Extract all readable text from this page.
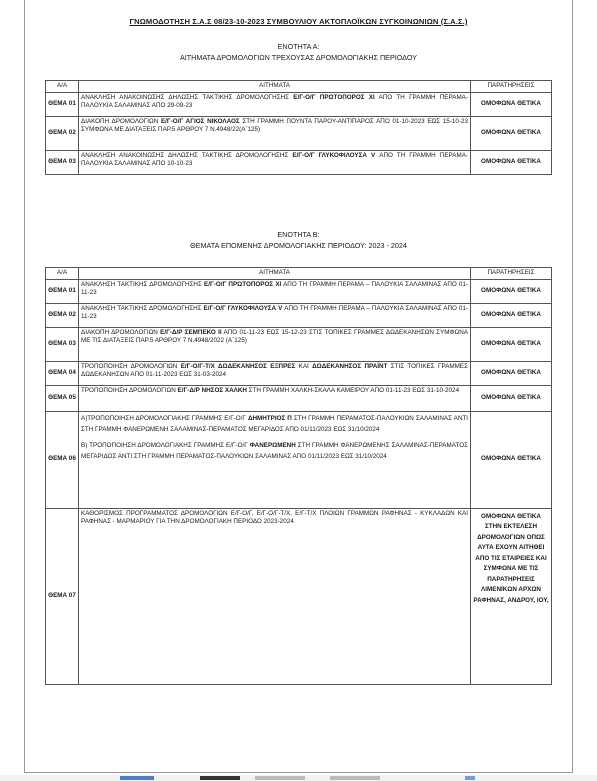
ΓΝΩΜΟΔΟΤΗΣΗ Σ.Α.Σ 08/23-10-2023 ΣΥΜΒΟΥΛΙΟΥ ΑΚΤΟΠΛΟΪΚΩΝ ΣΥΓΚΟΙΝΩΝΙΩΝ (Σ.Α.Σ.)
ΕΝΟΤΗΤΑ Α:
ΑΙΤΗΜΑΤΑ ΔΡΟΜΟΛΟΓΙΩΝ ΤΡΕΧΟΥΣΑΣ ΔΡΟΜΟΛΟΓΙΑΚΗΣ ΠΕΡΙΟΔΟΥ
Α/Α	ΑΙΤΗΜΑΤΑ	ΠΑΡΑΤΗΡΗΣΕΙΣ
ΘΕΜΑ 01	ΑΝΑΚΛΗΣΗ ΑΝΑΚΟΙΝΩΣΗΣ ΔΗΛΩΣΗΣ ΤΑΚΤΙΚΗΣ ΔΡΟΜΟΛΟΓΗΣΗΣ Ε/Γ-Ο/Γ ΠΡΩΤΟΠΟΡΟΣ ΧΙ ΑΠΟ ΤΗ ΓΡΑΜΜΗ ΠΕΡΑΜΑ-ΠΑΛΟΥΚΙΑ ΣΑΛΑΜΙΝΑΣ ΑΠΟ 29-09-23	ΟΜΟΦΩΝΑ ΘΕΤΙΚΑ
ΘΕΜΑ 02	ΔΙΑΚΟΠΗ ΔΡΟΜΟΛΟΓΙΩΝ Ε/Γ-Ο/Γ ΑΓΙΟΣ ΝΙΚΟΛΑΟΣ ΣΤΗ ΓΡΑΜΜΗ ΠΟΥΝΤΑ ΠΑΡΟΥ-ΑΝΤΙΠΑΡΟΣ ΑΠΟ 01-10-2023 ΕΩΣ 15-10-23 ΣΥΜΦΩΝΑ ΜΕ ΔΙΑΤΑΞΕΙΣ ΠΑΡ.5 ΑΡΘΡΟΥ 7 Ν.4948/22(Α΄125)	ΟΜΟΦΩΝΑ ΘΕΤΙΚΑ
ΘΕΜΑ 03	ΑΝΑΚΛΗΣΗ ΑΝΑΚΟΙΝΩΣΗΣ ΔΗΛΩΣΗΣ ΤΑΚΤΙΚΗΣ ΔΡΟΜΟΛΟΓΗΣΗΣ Ε/Γ-Ο/Γ ΓΛΥΚΟΦΙΛΟΥΣΑ V ΑΠΟ ΤΗ ΓΡΑΜΜΗ ΠΕΡΑΜΑ-ΠΑΛΟΥΚΙΑ ΣΑΛΑΜΙΝΑΣ ΑΠΟ 10-10-23	ΟΜΟΦΩΝΑ ΘΕΤΙΚΑ
ΕΝΟΤΗΤΑ Β:
ΘΕΜΑΤΑ ΕΠΟΜΕΝΗΣ ΔΡΟΜΟΛΟΓΙΑΚΗΣ ΠΕΡΙΟΔΟΥ: 2023 - 2024
Α/Α	ΑΙΤΗΜΑΤΑ	ΠΑΡΑΤΗΡΗΣΕΙΣ
ΘΕΜΑ 01	ΑΝΑΚΛΗΣΗ ΤΑΚΤΙΚΗΣ ΔΡΟΜΟΛΟΓΗΣΗΣ Ε/Γ-Ο/Γ ΠΡΩΤΟΠΟΡΟΣ ΧΙ ΑΠΟ ΤΗ ΓΡΑΜΜΗ ΠΕΡΑΜΑ – ΠΑΛΟΥΚΙΑ ΣΑΛΑΜΙΝΑΣ ΑΠΟ 01-11-23	ΟΜΟΦΩΝΑ ΘΕΤΙΚΑ
ΘΕΜΑ 02	ΑΝΑΚΛΗΣΗ ΤΑΚΤΙΚΗΣ ΔΡΟΜΟΛΟΓΗΣΗΣ Ε/Γ-Ο/Γ ΓΛΥΚΟΦΙΛΟΥΣΑ V ΑΠΟ ΤΗ ΓΡΑΜΜΗ ΠΕΡΑΜΑ – ΠΑΛΟΥΚΙΑ ΣΑΛΑΜΙΝΑΣ ΑΠΟ 01-11-23	ΟΜΟΦΩΝΑ ΘΕΤΙΚΑ
ΘΕΜΑ 03	ΔΙΑΚΟΠΗ ΔΡΟΜΟΛΟΓΙΩΝ Ε/Γ-Δ/Ρ ΣΕΜΠΕΚΟ ΙΙ ΑΠΟ 01-11-23 ΕΩΣ 15-12-23 ΣΤΙΣ ΤΟΠΙΚΕΣ ΓΡΑΜΜΕΣ ΔΩΔΕΚΑΝΗΣΩΝ ΣΥΜΦΩΝΑ ΜΕ ΤΙΣ ΔΙΑΤΑΞΕΙΣ ΠΑΡ.5 ΑΡΘΡΟΥ 7 Ν.4948/2022 (Α΄125)	ΟΜΟΦΩΝΑ ΘΕΤΙΚΑ
ΘΕΜΑ 04	ΤΡΟΠΟΠΟΙΗΣΗ ΔΡΟΜΟΛΟΓΙΩΝ Ε/Γ-Ο/Γ-Τ/Χ ΔΩΔΕΚΑΝΗΣΟΣ ΕΞΠΡΕΣ ΚΑΙ ΔΩΔΕΚΑΝΗΣΟΣ ΠΡΑΪΝΤ ΣΤΙΣ ΤΟΠΙΚΕΣ ΓΡΑΜΜΕΣ ΔΩΔΕΚΑΝΗΣΩΝ ΑΠΟ 01-11-2023 ΕΩΣ 31-03-2024	ΟΜΟΦΩΝΑ ΘΕΤΙΚΑ
ΘΕΜΑ 05	ΤΡΟΠΟΠΟΙΗΣΗ ΔΡΟΜΟΛΟΓΙΩΝ Ε/Γ-Δ/Ρ ΝΗΣΟΣ ΧΑΛΚΗ ΣΤΗ ΓΡΑΜΜΗ ΧΑΛΚΗ-ΣΚΑΛΑ ΚΑΜΕΙΡΟΥ ΑΠΟ 01-11-23 ΕΩΣ 31-10-2024	ΟΜΟΦΩΝΑ ΘΕΤΙΚΑ
ΘΕΜΑ 06	Α)ΤΡΟΠΟΠΟΙΗΣΗ ΔΡΟΜΟΛΟΓΙΑΚΗΣ ΓΡΑΜΜΗΣ Ε/Γ-Ο/Γ ΔΗΜΗΤΡΙΟΣ Π ΣΤΗ ΓΡΑΜΜΗ ΠΕΡΑΜΑΤΟΣ-ΠΑΛΟΥΚΙΩΝ ΣΑΛΑΜΙΝΑΣ ΑΝΤΙ ΣΤΗ ΓΡΑΜΜΗ ΦΑΝΕΡΩΜΕΝΗ ΣΑΛΑΜΙΝΑΣ-ΠΕΡΑΜΑΤΟΣ ΜΕΓΑΡΙΔΟΣ ΑΠΟ 01/11/2023 ΕΩΣ 31/10/2024
Β) ΤΡΟΠΟΠΟΙΗΣΗ ΔΡΟΜΟΛΟΓΙΑΚΗΣ ΓΡΑΜΜΗΣ Ε/Γ-Ο/Γ ΦΑΝΕΡΩΜΕΝΗ ΣΤΗ ΓΡΑΜΜΗ ΦΑΝΕΡΩΜΕΝΗΣ ΣΑΛΑΜΙΝΑΣ-ΠΕΡΑΜΑΤΟΣ ΜΕΓΑΡΙΔΟΣ ΑΝΤΙ ΣΤΗ ΓΡΑΜΜΗ ΠΕΡΑΜΑΤΟΣ-ΠΑΛΟΥΚΙΩΝ ΣΑΛΑΜΙΝΑΣ ΑΠΟ 01/11/2023 ΕΩΣ 31/10/2024	ΟΜΟΦΩΝΑ ΘΕΤΙΚΑ
ΘΕΜΑ 07	ΚΑΘΟΡΙΣΜΟΣ ΠΡΟΓΡΑΜΜΑΤΟΣ ΔΡΟΜΟΛΟΓΙΩΝ Ε/Γ-Ο/Γ, Ε/Γ-Ο/Γ-Τ/Χ, Ε/Γ-Τ/Χ ΠΛΟΙΩΝ ΓΡΑΜΜΩΝ ΡΑΦΗΝΑΣ - ΚΥΚΛΑΔΩΝ ΚΑΙ ΡΑΦΗΝΑΣ - ΜΑΡΜΑΡΙΟΥ ΓΙΑ ΤΗΝ ΔΡΟΜΟΛΟΓΙΑΚΗ ΠΕΡΙΟΔΟ 2023-2024	ΟΜΟΦΩΝΑ ΘΕΤΙΚΑ ΣΤΗΝ ΕΚΤΕΛΕΣΗ ΔΡΟΜΟΛΟΓΙΩΝ ΟΠΩΣ ΑΥΤΑ ΕΧΟΥΝ ΑΙΤΗΘΕΙ ΑΠΟ ΤΙΣ ΕΤΑΙΡΕΙΕΣ ΚΑΙ ΣΥΜΦΩΝΑ ΜΕ ΤΙΣ ΠΑΡΑΤΗΡΗΣΕΙΣ ΛΙΜΕΝΙΚΩΝ ΑΡΧΩΝ ΡΑΦΗΝΑΣ, ΑΝΔΡΟΥ, ΙΟΥ,
